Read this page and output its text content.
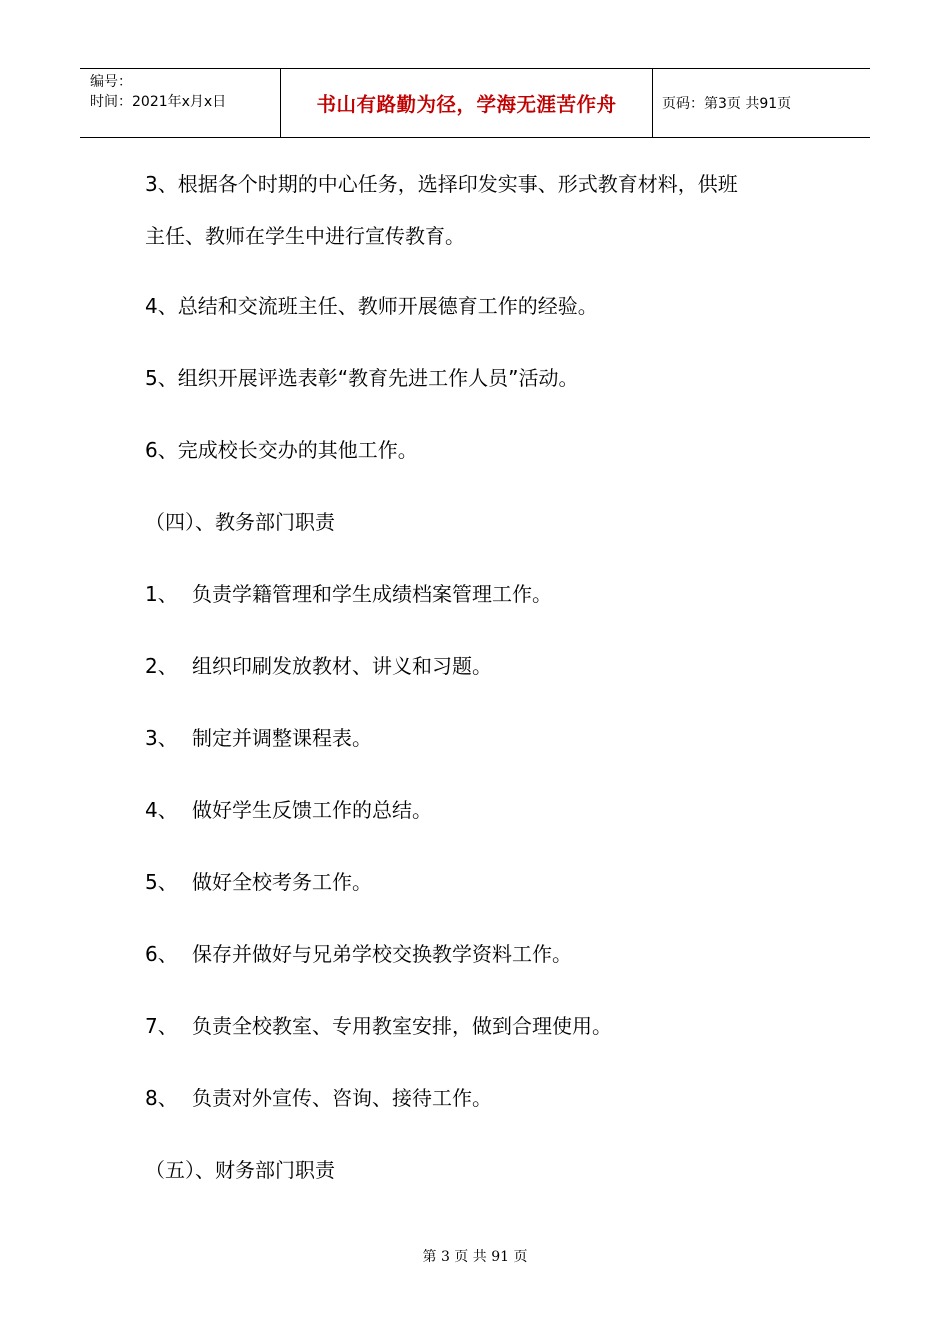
编号：
时间：2021年x月x日	书山有路勤为径，学海无涯苦作舟	页码：第3页 共91页
3、根据各个时期的中心任务，选择印发实事、形式教育材料，供班
主任、教师在学生中进行宣传教育。
4、总结和交流班主任、教师开展德育工作的经验。
5、组织开展评选表彰“教育先进工作人员”活动。
6、完成校长交办的其他工作。
（四）、教务部门职责
1、 负责学籍管理和学生成绩档案管理工作。
2、 组织印刷发放教材、讲义和习题。
3、 制定并调整课程表。
4、 做好学生反馈工作的总结。
5、 做好全校考务工作。
6、 保存并做好与兄弟学校交换教学资料工作。
7、 负责全校教室、专用教室安排，做到合理使用。
8、 负责对外宣传、咨询、接待工作。
（五）、财务部门职责
第 3 页 共 91 页
